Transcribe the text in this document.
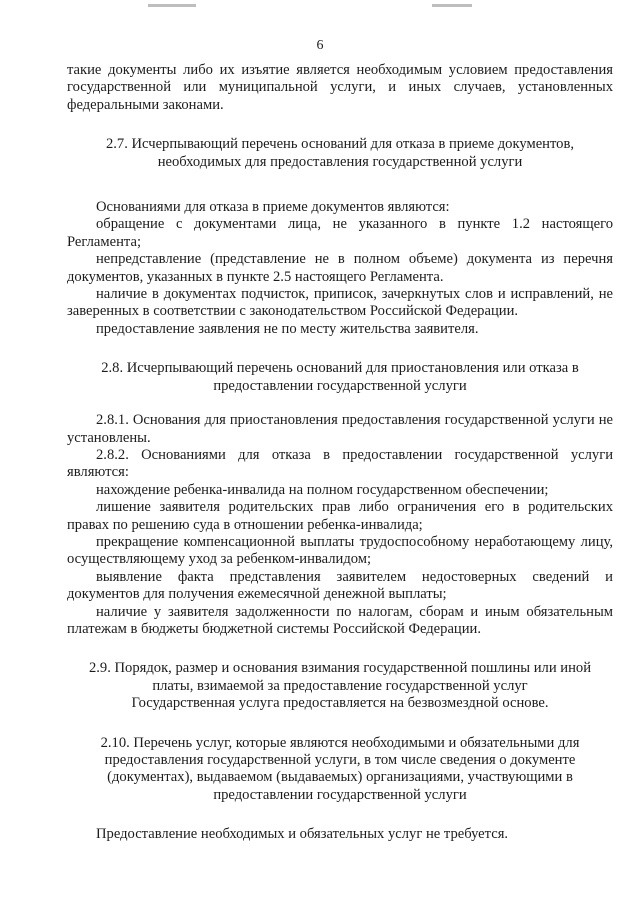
6

такие документы либо их изъятие является необходимым условием предоставления государственной или муниципальной услуги, и иных случаев, установленных федеральными законами.

2.7. Исчерпывающий перечень оснований для отказа в приеме документов, необходимых для предоставления государственной услуги

Основаниями для отказа в приеме документов являются:

обращение с документами лица, не указанного в пункте 1.2 настоящего Регламента;

непредставление (представление не в полном объеме) документа из перечня документов, указанных в пункте 2.5 настоящего Регламента.

наличие в документах подчисток, приписок, зачеркнутых слов и исправлений, не заверенных в соответствии с законодательством Российской Федерации.

предоставление заявления не по месту жительства заявителя.

2.8. Исчерпывающий перечень оснований для приостановления или отказа в предоставлении государственной услуги

2.8.1. Основания для приостановления предоставления государственной услуги не установлены.

2.8.2. Основаниями для отказа в предоставлении государственной услуги являются:

нахождение ребенка-инвалида на полном государственном обеспечении;

лишение заявителя родительских прав либо ограничения его в родительских правах по решению суда в отношении ребенка-инвалида;

прекращение компенсационной выплаты трудоспособному неработающему лицу, осуществляющему уход за ребенком-инвалидом;

выявление факта представления заявителем недостоверных сведений и документов для получения ежемесячной денежной выплаты;

наличие у заявителя задолженности по налогам, сборам и иным обязательным платежам в бюджеты бюджетной системы Российской Федерации.

2.9. Порядок, размер и основания взимания государственной пошлины или иной платы, взимаемой за предоставление государственной услуг

Государственная услуга предоставляется на безвозмездной основе.

2.10. Перечень услуг, которые являются необходимыми и обязательными для предоставления государственной услуги, в том числе сведения о документе (документах), выдаваемом (выдаваемых) организациями, участвующими в предоставлении государственной услуги

Предоставление необходимых и обязательных услуг не требуется.
